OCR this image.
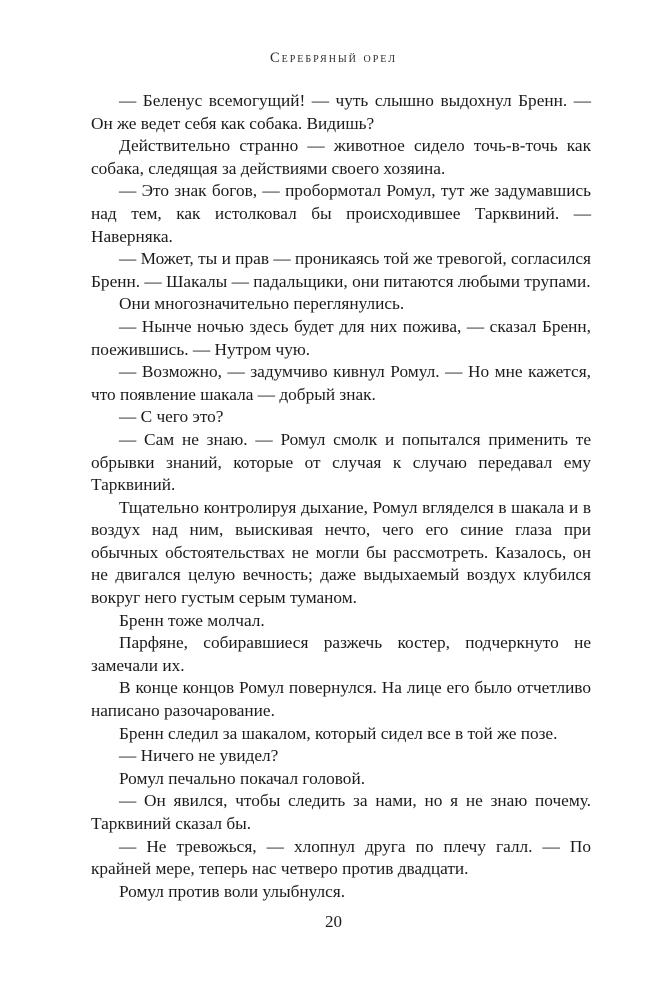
Серебряный орел

— Беленус всемогущий! — чуть слышно выдохнул Бренн. — Он же ведет себя как собака. Видишь?

Действительно странно — животное сидело точь-в-точь как собака, следящая за действиями своего хозяина.

— Это знак богов, — пробормотал Ромул, тут же задумавшись над тем, как истолковал бы происходившее Тарквиний. — Наверняка.

— Может, ты и прав — проникаясь той же тревогой, согласился Бренн. — Шакалы — падальщики, они питаются любыми трупами.

Они многозначительно переглянулись.

— Нынче ночью здесь будет для них пожива, — сказал Бренн, поежившись. — Нутром чую.

— Возможно, — задумчиво кивнул Ромул. — Но мне кажется, что появление шакала — добрый знак.

— С чего это?

— Сам не знаю. — Ромул смолк и попытался применить те обрывки знаний, которые от случая к случаю передавал ему Тарквиний.

Тщательно контролируя дыхание, Ромул вгляделся в шакала и в воздух над ним, выискивая нечто, чего его синие глаза при обычных обстоятельствах не могли бы рассмотреть. Казалось, он не двигался целую вечность; даже выдыхаемый воздух клубился вокруг него густым серым туманом.

Бренн тоже молчал.

Парфяне, собиравшиеся разжечь костер, подчеркнуто не замечали их.

В конце концов Ромул повернулся. На лице его было отчетливо написано разочарование.

Бренн следил за шакалом, который сидел все в той же позе.

— Ничего не увидел?

Ромул печально покачал головой.

— Он явился, чтобы следить за нами, но я не знаю почему. Тарквиний сказал бы.

— Не тревожься, — хлопнул друга по плечу галл. — По крайней мере, теперь нас четверо против двадцати.

Ромул против воли улыбнулся.

20
